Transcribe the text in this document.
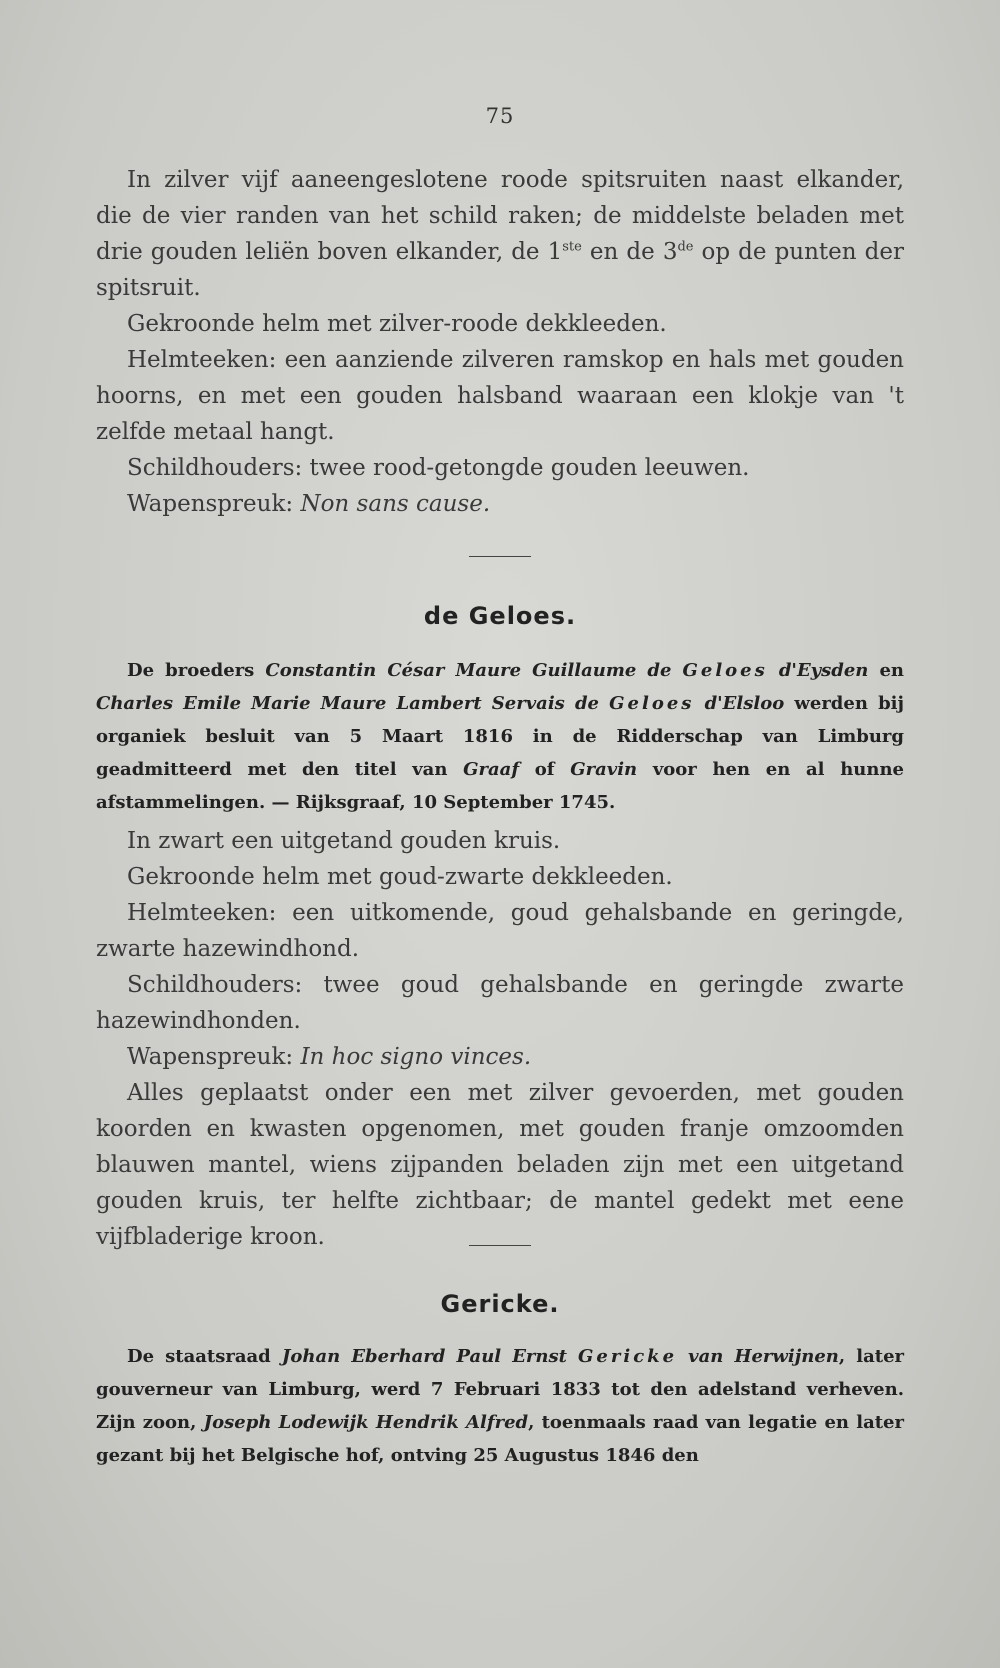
75

In zilver vijf aaneengeslotene roode spitsruiten naast elkander, die de vier randen van het schild raken; de middelste beladen met drie gouden leliën boven elkander, de 1ste en de 3de op de punten der spitsruit.

Gekroonde helm met zilver-roode dekkleeden.

Helmteeken: een aanziende zilveren ramskop en hals met gouden hoorns, en met een gouden halsband waaraan een klokje van 't zelfde metaal hangt.

Schildhouders: twee rood-getongde gouden leeuwen.

Wapenspreuk: Non sans cause.

de Geloes.

De broeders Constantin César Maure Guillaume de Geloes d'Eysden en Charles Emile Marie Maure Lambert Servais de Geloes d'Elsloo werden bij organiek besluit van 5 Maart 1816 in de Ridderschap van Limburg geadmitteerd met den titel van Graaf of Gravin voor hen en al hunne afstammelingen. — Rijksgraaf, 10 September 1745.

In zwart een uitgetand gouden kruis.

Gekroonde helm met goud-zwarte dekkleeden.

Helmteeken: een uitkomende, goud gehalsbande en geringde, zwarte hazewindhond.

Schildhouders: twee goud gehalsbande en geringde zwarte hazewindhonden.

Wapenspreuk: In hoc signo vinces.

Alles geplaatst onder een met zilver gevoerden, met gouden koorden en kwasten opgenomen, met gouden franje omzoomden blauwen mantel, wiens zijpanden beladen zijn met een uitgetand gouden kruis, ter helfte zichtbaar; de mantel gedekt met eene vijfbladerige kroon.

Gericke.

De staatsraad Johan Eberhard Paul Ernst Gericke van Herwijnen, later gouverneur van Limburg, werd 7 Februari 1833 tot den adelstand verheven. Zijn zoon, Joseph Lodewijk Hendrik Alfred, toenmaals raad van legatie en later gezant bij het Belgische hof, ontving 25 Augustus 1846 den
